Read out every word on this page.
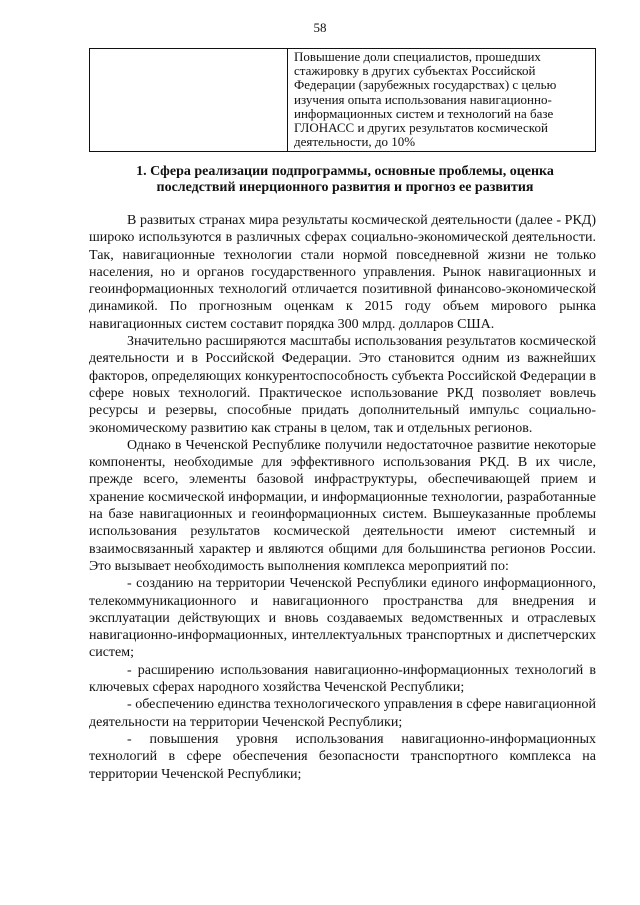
58
Повышение доли специалистов, прошедших стажировку в других субъектах Российской Федерации (зарубежных государствах) с целью изучения опыта использования навигационно-информационных систем и технологий на базе ГЛОНАСС и других результатов космической деятельности, до 10%
1. Сфера реализации подпрограммы, основные проблемы, оценка последствий инерционного развития и прогноз ее развития

В развитых странах мира результаты космической деятельности (далее - РКД) широко используются в различных сферах социально-экономической деятельности. Так, навигационные технологии стали нормой повседневной жизни не только населения, но и органов государственного управления. Рынок навигационных и геоинформационных технологий отличается позитивной финансово-экономической динамикой. По прогнозным оценкам к 2015 году объем мирового рынка навигационных систем составит порядка 300 млрд. долларов США.

Значительно расширяются масштабы использования результатов космической деятельности и в Российской Федерации. Это становится одним из важнейших факторов, определяющих конкурентоспособность субъекта Российской Федерации в сфере новых технологий. Практическое использование РКД позволяет вовлечь ресурсы и резервы, способные придать дополнительный импульс социально-экономическому развитию как страны в целом, так и отдельных регионов.

Однако в Чеченской Республике получили недостаточное развитие некоторые компоненты, необходимые для эффективного использования РКД. В их числе, прежде всего, элементы базовой инфраструктуры, обеспечивающей прием и хранение космической информации, и информационные технологии, разработанные на базе навигационных и геоинформационных систем. Вышеуказанные проблемы использования результатов космической деятельности имеют системный и взаимосвязанный характер и являются общими для большинства регионов России. Это вызывает необходимость выполнения комплекса мероприятий по:

- созданию на территории Чеченской Республики единого информационного, телекоммуникационного и навигационного пространства для внедрения и эксплуатации действующих и вновь создаваемых ведомственных и отраслевых навигационно-информационных, интеллектуальных транспортных и диспетчерских систем;

- расширению использования навигационно-информационных технологий в ключевых сферах народного хозяйства Чеченской Республики;

- обеспечению единства технологического управления в сфере навигационной деятельности на территории Чеченской Республики;

- повышения уровня использования навигационно-информационных технологий в сфере обеспечения безопасности транспортного комплекса на территории Чеченской Республики;
